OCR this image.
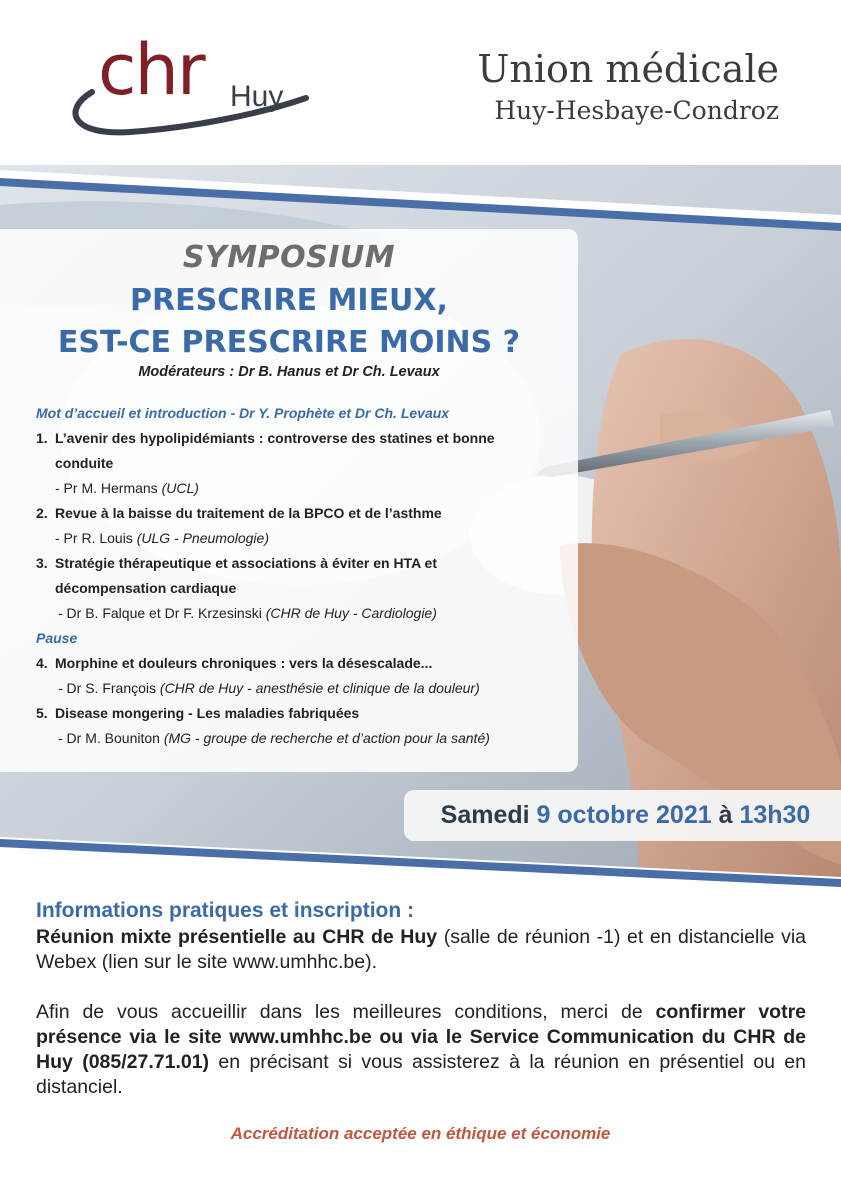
chr Huy
Union médicale
Huy-Hesbaye-Condroz
SYMPOSIUM
PRESCRIRE MIEUX,
EST-CE PRESCRIRE MOINS ?
Modérateurs : Dr B. Hanus et Dr Ch. Levaux
Mot d’accueil et introduction - Dr Y. Prophète et Dr Ch. Levaux
1. L’avenir des hypolipidémiants : controverse des statines et bonne
conduite
- Pr M. Hermans (UCL)
2. Revue à la baisse du traitement de la BPCO et de l’asthme
- Pr R. Louis (ULG - Pneumologie)
3. Stratégie thérapeutique et associations à éviter en HTA et
décompensation cardiaque
- Dr B. Falque et Dr F. Krzesinski (CHR de Huy - Cardiologie)
Pause
4. Morphine et douleurs chroniques : vers la désescalade...
- Dr S. François (CHR de Huy - anesthésie et clinique de la douleur)
5. Disease mongering - Les maladies fabriquées
- Dr M. Bouniton (MG - groupe de recherche et d’action pour la santé)
Samedi 9 octobre 2021 à 13h30
Informations pratiques et inscription :

Réunion mixte présentielle au CHR de Huy (salle de réunion -1) et en distancielle via Webex (lien sur le site www.umhhc.be).

Afin de vous accueillir dans les meilleures conditions, merci de confirmer votre présence via le site www.umhhc.be ou via le Service Communication du CHR de Huy (085/27.71.01) en précisant si vous assisterez à la réunion en présentiel ou en distanciel.

Accréditation acceptée en éthique et économie
